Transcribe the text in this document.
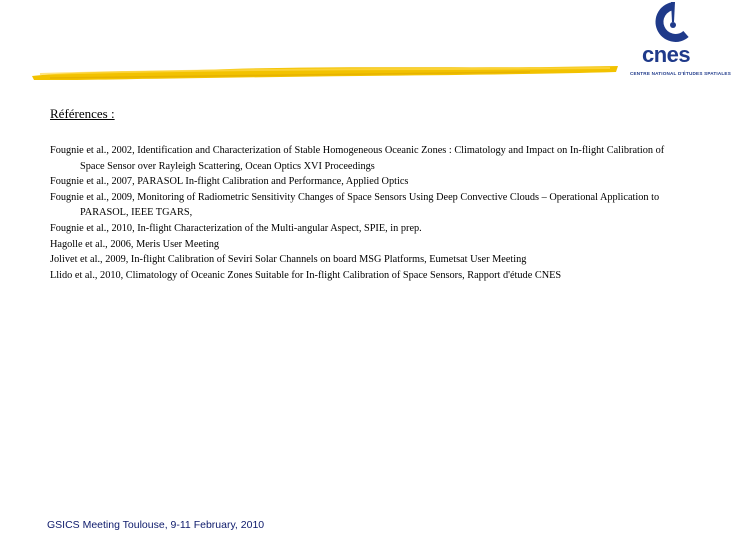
cnes
CENTRE NATIONAL D'ÉTUDES SPATIALES
Références :
Fougnie et al., 2002, Identification and Characterization of Stable Homogeneous Oceanic Zones : Climatology and Impact on In-flight Calibration of Space Sensor over Rayleigh Scattering, Ocean Optics XVI Proceedings
Fougnie et al., 2007, PARASOL In-flight Calibration and Performance, Applied Optics
Fougnie et al., 2009, Monitoring of Radiometric Sensitivity Changes of Space Sensors Using Deep Convective Clouds – Operational Application to PARASOL, IEEE TGARS,
Fougnie et al., 2010, In-flight Characterization of the Multi-angular Aspect, SPIE, in prep.
Hagolle et al., 2006, Meris User Meeting
Jolivet et al., 2009, In-flight Calibration of Seviri Solar Channels on board MSG Platforms, Eumetsat User Meeting
Llido et al., 2010, Climatology of Oceanic Zones Suitable for In-flight Calibration of Space Sensors, Rapport d'étude CNES
GSICS Meeting Toulouse, 9-11 February, 2010
